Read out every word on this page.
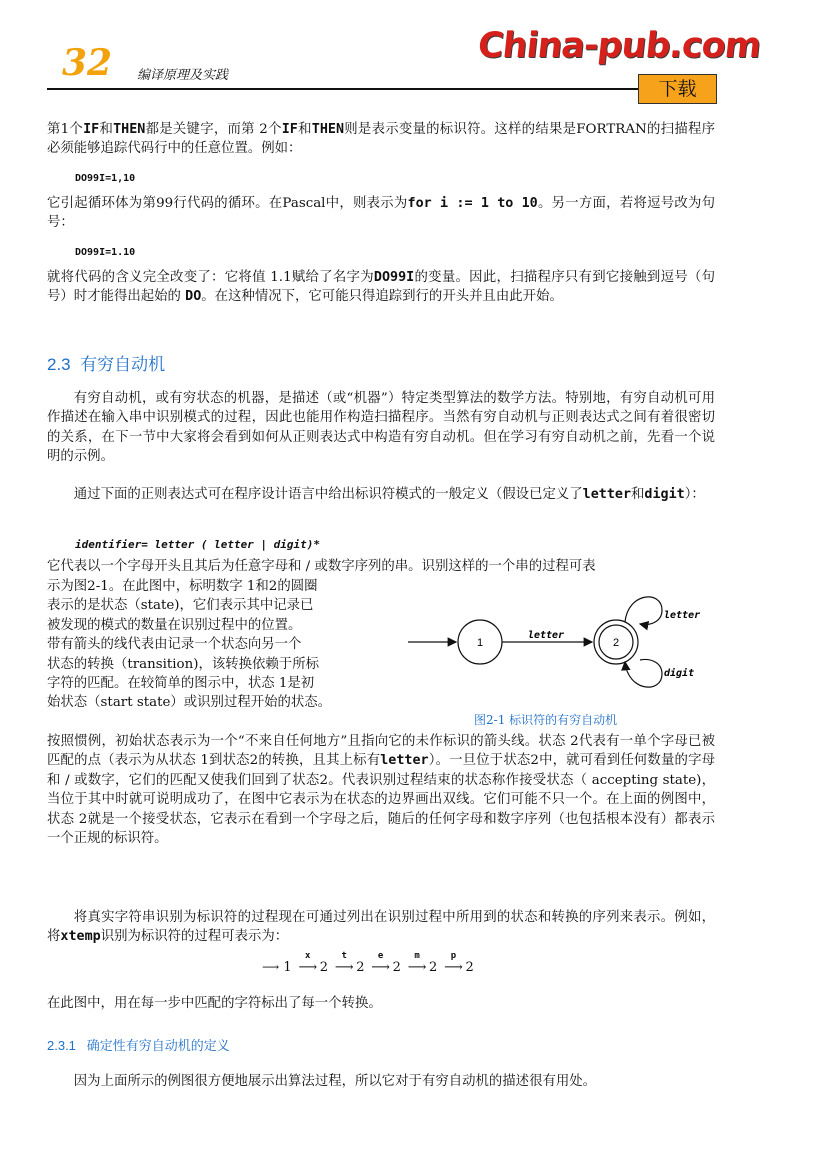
32 编译原理及实践
China-pub.com
下载
第1个IF和THEN都是关键字，而第 2个IF和THEN则是表示变量的标识符。这样的结果是FORTRAN的扫描程序必须能够追踪代码行中的任意位置。例如：
DO99I=1,10
它引起循环体为第99行代码的循环。在Pascal中，则表示为for i := 1 to 10。另一方面，若将逗号改为句号：
DO99I=1.10
就将代码的含义完全改变了：它将值 1.1赋给了名字为DO99I的变量。因此，扫描程序只有到它接触到逗号（句号）时才能得出起始的 DO。在这种情况下，它可能只得追踪到行的开头并且由此开始。
2.3 有穷自动机
有穷自动机，或有穷状态的机器，是描述（或“机器”）特定类型算法的数学方法。特别地，有穷自动机可用作描述在输入串中识别模式的过程，因此也能用作构造扫描程序。当然有穷自动机与正则表达式之间有着很密切的关系，在下一节中大家将会看到如何从正则表达式中构造有穷自动机。但在学习有穷自动机之前，先看一个说明的示例。
通过下面的正则表达式可在程序设计语言中给出标识符模式的一般定义（假设已定义了letter和digit）：
identifier= letter ( letter | digit)*
它代表以一个字母开头且其后为任意字母和 / 或数字序列的串。识别这样的一个串的过程可表
示为图2-1。在此图中，标明数字 1和2的圆圈
表示的是状态（state)，它们表示其中记录已
被发现的模式的数量在识别过程中的位置。
带有箭头的线代表由记录一个状态向另一个
状态的转换（transition)，该转换依赖于所标
字符的匹配。在较简单的图示中，状态 1是初
始状态（start state）或识别过程开始的状态。
1
letter
2
letter
digit
图2-1 标识符的有穷自动机
按照惯例，初始状态表示为一个“不来自任何地方”且指向它的未作标识的箭头线。状态 2代表有一单个字母已被匹配的点（表示为从状态 1到状态2的转换，且其上标有letter）。一旦位于状态2中，就可看到任何数量的字母和 / 或数字，它们的匹配又使我们回到了状态2。代表识别过程结束的状态称作接受状态（ accepting state)，当位于其中时就可说明成功了，在图中它表示为在状态的边界画出双线。它们可能不只一个。在上面的例图中，状态 2就是一个接受状态，它表示在看到一个字母之后，随后的任何字母和数字序列（也包括根本没有）都表示一个正规的标识符。
将真实字符串识别为标识符的过程现在可通过列出在识别过程中所用到的状态和转换的序列来表示。例如，将xtemp识别为标识符的过程可表示为：
⟶ 1
x
⟶ 2
t
⟶ 2
e
⟶ 2
m
⟶ 2
p
⟶ 2
在此图中，用在每一步中匹配的字符标出了每一个转换。
2.3.1 确定性有穷自动机的定义
因为上面所示的例图很方便地展示出算法过程，所以它对于有穷自动机的描述很有用处。
